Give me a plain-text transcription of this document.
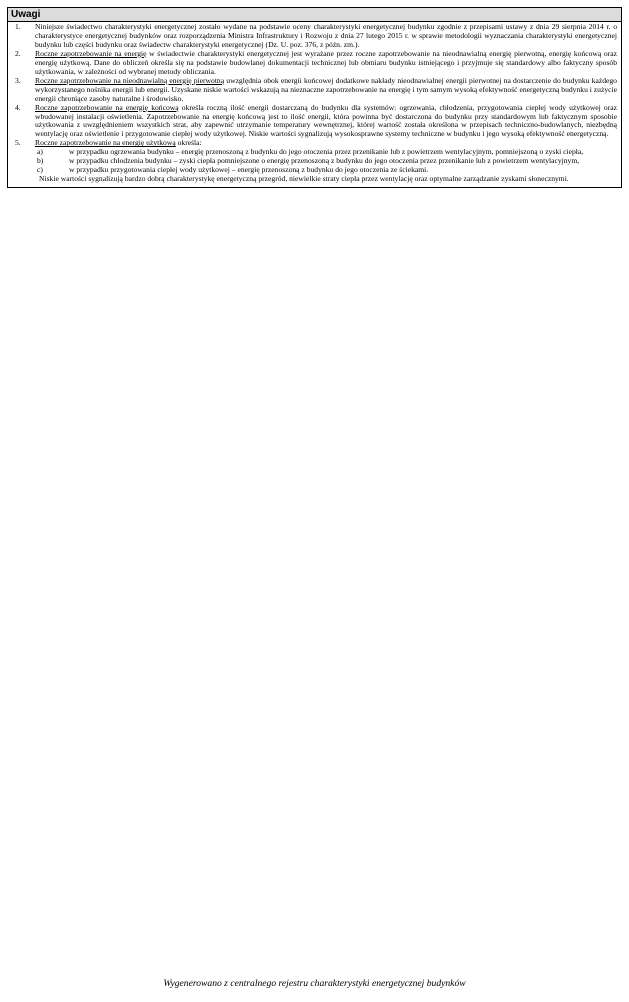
Uwagi
1.	Niniejsze świadectwo charakterystyki energetycznej zostało wydane na podstawie oceny charakterystyki energetycznej budynku zgodnie z przepisami ustawy z dnia 29 sierpnia 2014 r. o charakterystyce energetycznej budynków oraz rozporządzenia Ministra Infrastruktury i Rozwoju z dnia 27 lutego 2015 r. w sprawie metodologii wyznaczania charakterystyki energetycznej budynku lub części budynku oraz świadectw charakterystyki energetycznej (Dz. U. poz. 376, z późn. zm.).
2.	Roczne zapotrzebowanie na energię w świadectwie charakterystyki energetycznej jest wyrażane przez roczne zapotrzebowanie na nieodnawialną energię pierwotną, energię końcową oraz energię użytkową. Dane do obliczeń określa się na podstawie budowlanej dokumentacji technicznej lub obmiaru budynku istniejącego i przyjmuje się standardowy albo faktyczny sposób użytkowania, w zależności od wybranej metody obliczania.
3.	Roczne zapotrzebowanie na nieodnawialną energię pierwotną uwzględnia obok energii końcowej dodatkowe nakłady nieodnawialnej energii pierwotnej na dostarczenie do budynku każdego wykorzystanego nośnika energii lub energii. Uzyskane niskie wartości wskazują na nieznaczne zapotrzebowanie na energię i tym samym wysoką efektywność energetyczną budynku i zużycie energii chroniące zasoby naturalne i środowisko.
4.	Roczne zapotrzebowanie na energię końcową określa roczną ilość energii dostarczaną do budynku dla systemów: ogrzewania, chłodzenia, przygotowania ciepłej wody użytkowej oraz wbudowanej instalacji oświetlenia. Zapotrzebowanie na energię końcową jest to ilość energii, która powinna być dostarczona do budynku przy standardowym lub faktycznym sposobie użytkowania z uwzględnieniem wszystkich strat, aby zapewnić utrzymanie temperatury wewnętrznej, której wartość została określona w przepisach techniczno-budowlanych, niezbędną wentylację oraz oświetlenie i przygotowanie ciepłej wody użytkowej. Niskie wartości sygnalizują wysokosprawne systemy techniczne w budynku i jego wysoką efektywność energetyczną.
5.	Roczne zapotrzebowanie na energię użytkową określa:
a)	w przypadku ogrzewania budynku – energię przenoszoną z budynku do jego otoczenia przez przenikanie lub z powietrzem wentylacyjnym, pomniejszoną o zyski ciepła,
b)	w przypadku chłodzenia budynku – zyski ciepła pomniejszone o energię przenoszoną z budynku do jego otoczenia przez przenikanie lub z powietrzem wentylacyjnym,
c)	w przypadku przygotowania ciepłej wody użytkowej – energię przenoszoną z budynku do jego otoczenia ze ściekami.
Niskie wartości sygnalizują bardzo dobrą charakterystykę energetyczną przegród, niewielkie straty ciepła przez wentylację oraz optymalne zarządzanie zyskami słonecznymi.
Wygenerowano z centralnego rejestru charakterystyki energetycznej budynków
